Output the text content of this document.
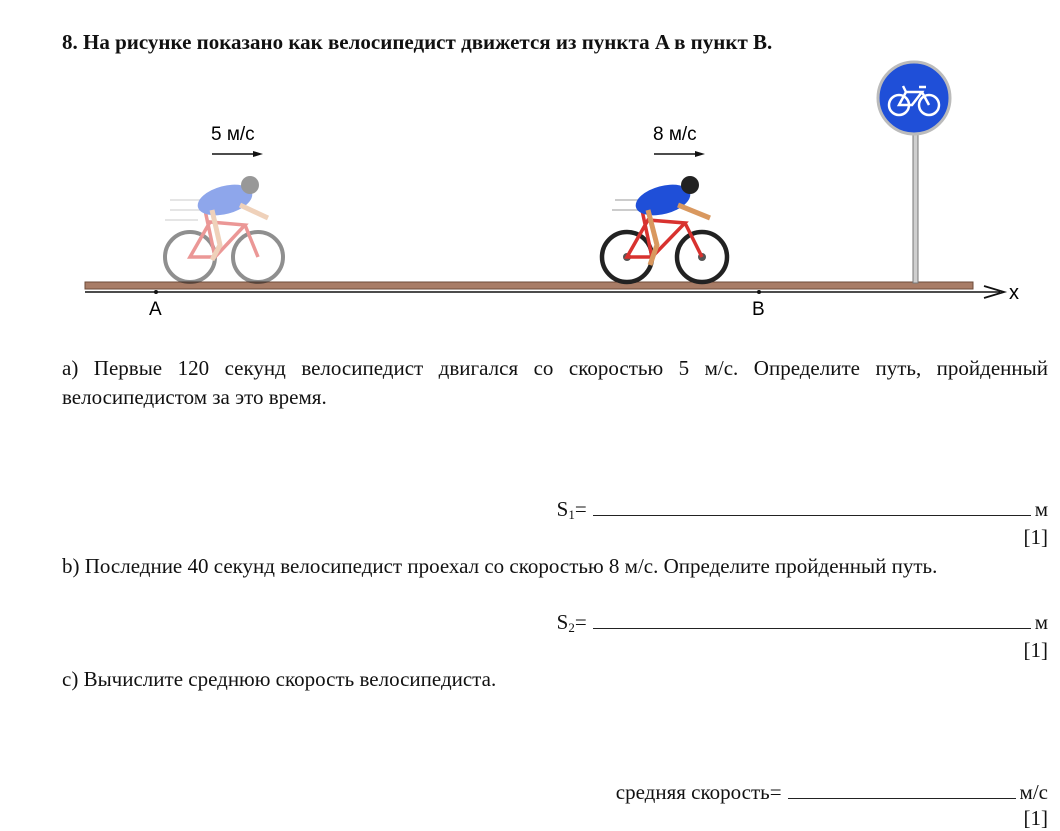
8. На рисунке показано как велосипедист движется из пункта A в пункт B.
x
A	B
5 м/с	8 м/с
a) Первые 120 секунд велосипедист двигался со скоростью 5 м/с. Определите путь, пройденный велосипедистом за это время.
$S_1=$	м
[1]
b) Последние 40 секунд велосипедист проехал со скоростью 8 м/с. Определите пройденный путь.
$S_2=$	м
[1]
c) Вычислите среднюю скорость велосипедиста.
средняя скорость=	м/с
[1]
